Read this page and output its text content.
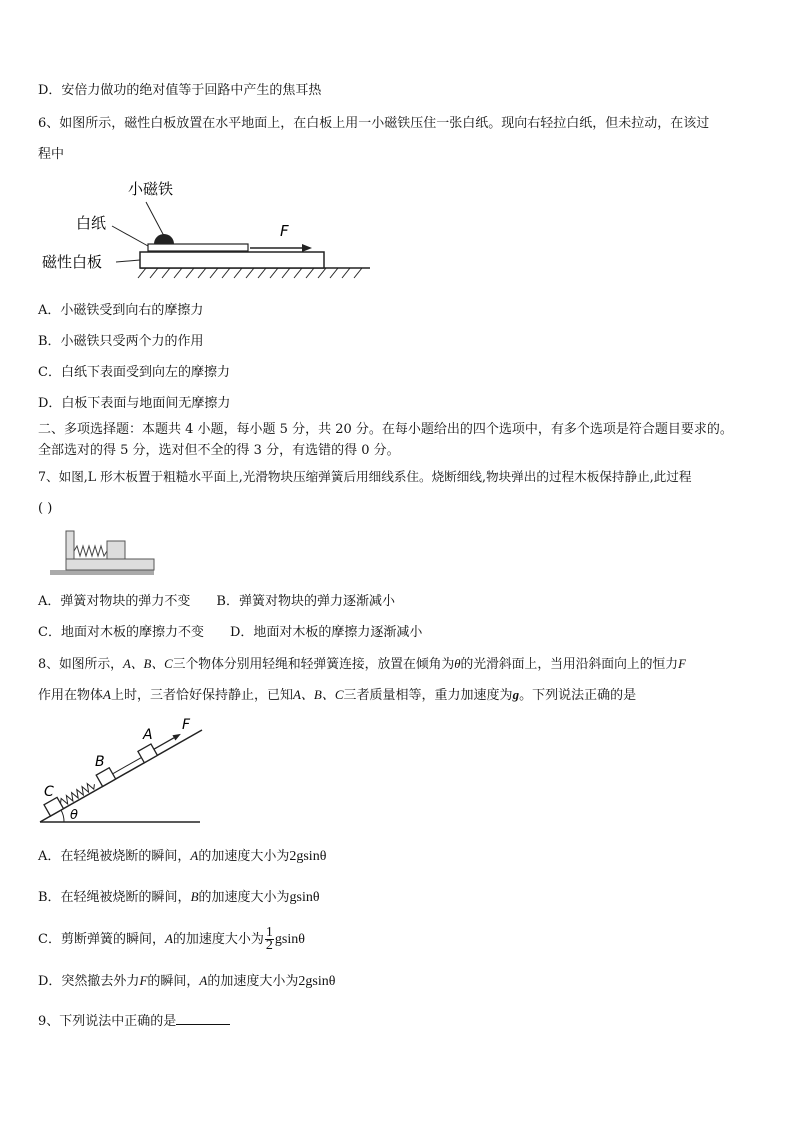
D．安倍力做功的绝对值等于回路中产生的焦耳热
6、如图所示，磁性白板放置在水平地面上，在白板上用一小磁铁压住一张白纸。现向右轻拉白纸，但未拉动，在该过
程中
F
小磁铁
白纸
磁性白板
A．小磁铁受到向右的摩擦力
B．小磁铁只受两个力的作用
C．白纸下表面受到向左的摩擦力
D．白板下表面与地面间无摩擦力
二、多项选择题：本题共 4 小题，每小题 5 分，共 20 分。在每小题给出的四个选项中，有多个选项是符合题目要求的。
全部选对的得 5 分，选对但不全的得 3 分，有选错的得 0 分。
7、如图,L 形木板置于粗糙水平面上,光滑物块压缩弹簧后用细线系住。烧断细线,物块弹出的过程木板保持静止,此过程
( )
A．弹簧对物块的弹力不变 B．弹簧对物块的弹力逐渐减小
C．地面对木板的摩擦力不变 D．地面对木板的摩擦力逐渐减小
8、如图所示，A、B、C三个物体分别用轻绳和轻弹簧连接，放置在倾角为θ的光滑斜面上，当用沿斜面向上的恒力F
作用在物体A上时，三者恰好保持静止，已知A、B、C三者质量相等，重力加速度为g。下列说法正确的是
θ
C
B
A
F
A．在轻绳被烧断的瞬间，A的加速度大小为2gsinθ
B．在轻绳被烧断的瞬间，B的加速度大小为gsinθ
C．剪断弹簧的瞬间，A的加速度大小为 $\frac{1}{2}$ gsinθ
D．突然撤去外力F的瞬间，A的加速度大小为2gsinθ
9、下列说法中正确的是
